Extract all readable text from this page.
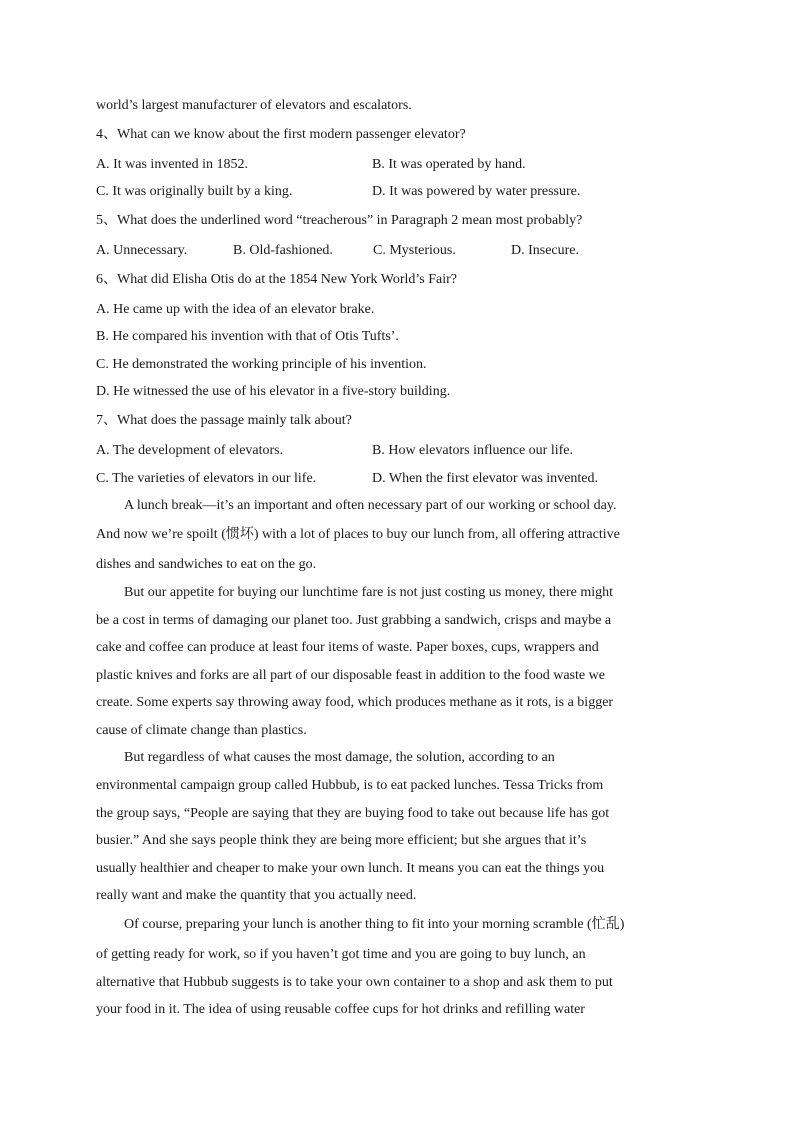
world’s largest manufacturer of elevators and escalators.
4、What can we know about the first modern passenger elevator?
A. It was invented in 1852.	B. It was operated by hand.
C. It was originally built by a king.	D. It was powered by water pressure.
5、What does the underlined word “treacherous” in Paragraph 2 mean most probably?
A. Unnecessary.	B. Old-fashioned.	C. Mysterious.	D. Insecure.
6、What did Elisha Otis do at the 1854 New York World’s Fair?
A. He came up with the idea of an elevator brake.
B. He compared his invention with that of Otis Tufts’.
C. He demonstrated the working principle of his invention.
D. He witnessed the use of his elevator in a five-story building.
7、What does the passage mainly talk about?
A. The development of elevators.	B. How elevators influence our life.
C. The varieties of elevators in our life.	D. When the first elevator was invented.
A lunch break—it’s an important and often necessary part of our working or school day.
And now we’re spoilt (惯坏) with a lot of places to buy our lunch from, all offering attractive
dishes and sandwiches to eat on the go.
But our appetite for buying our lunchtime fare is not just costing us money, there might
be a cost in terms of damaging our planet too. Just grabbing a sandwich, crisps and maybe a
cake and coffee can produce at least four items of waste. Paper boxes, cups, wrappers and
plastic knives and forks are all part of our disposable feast in addition to the food waste we
create. Some experts say throwing away food, which produces methane as it rots, is a bigger
cause of climate change than plastics.
But regardless of what causes the most damage, the solution, according to an
environmental campaign group called Hubbub, is to eat packed lunches. Tessa Tricks from
the group says, “People are saying that they are buying food to take out because life has got
busier.” And she says people think they are being more efficient; but she argues that it’s
usually healthier and cheaper to make your own lunch. It means you can eat the things you
really want and make the quantity that you actually need.
Of course, preparing your lunch is another thing to fit into your morning scramble (忙乱)
of getting ready for work, so if you haven’t got time and you are going to buy lunch, an
alternative that Hubbub suggests is to take your own container to a shop and ask them to put
your food in it. The idea of using reusable coffee cups for hot drinks and refilling water
